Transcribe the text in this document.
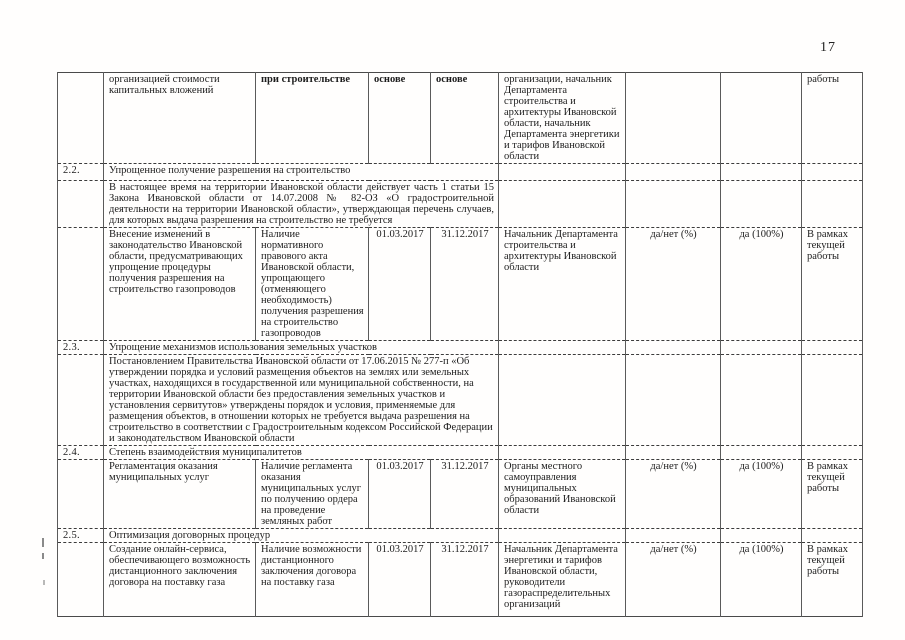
17
	организацией стоимости капитальных вложений	при строительстве	основе	основе	организации, начальник Департамента строительства и архитектуры Ивановской области, начальник Департамента энергетики и тарифов Ивановской области			работы
2.2.	Упрощенное получение разрешения на строительство							
	В настоящее время на территории Ивановской области действует часть 1 статьи 15 Закона Ивановской области от 14.07.2008 № 82-ОЗ «О градостроительной деятельности на территории Ивановской области», утверждающая перечень случаев, для которых выдача разрешения на строительство не требуется							
	Внесение изменений в законодательство Ивановской области, предусматривающих упрощение процедуры получения разрешения на строительство газопроводов	Наличие нормативного правового акта Ивановской области, упрощающего (отменяющего необходимость) получения разрешения на строительство газопроводов	01.03.2017	31.12.2017	Начальник Департамента строительства и архитектуры Ивановской области	да/нет (%)	да (100%)	В рамках текущей работы
2.3.	Упрощение механизмов использования земельных участков							
	Постановлением Правительства Ивановской области от 17.06.2015 № 277-п «Об утверждении порядка и условий размещения объектов на землях или земельных участках, находящихся в государственной или муниципальной собственности, на территории Ивановской области без предоставления земельных участков и установления сервитутов» утверждены порядок и условия, применяемые для размещения объектов, в отношении которых не требуется выдача разрешения на строительство в соответствии с Градостроительным кодексом Российской Федерации и законодательством Ивановской области							
2.4.	Степень взаимодействия муниципалитетов							
	Регламентация оказания муниципальных услуг	Наличие регламента оказания муниципальных услуг по получению ордера на проведение земляных работ	01.03.2017	31.12.2017	Органы местного самоуправления муниципальных образований Ивановской области	да/нет (%)	да (100%)	В рамках текущей работы
2.5.	Оптимизация договорных процедур							
	Создание онлайн-сервиса, обеспечивающего возможность дистанционного заключения договора на поставку газа	Наличие возможности дистанционного заключения договора на поставку газа	01.03.2017	31.12.2017	Начальник Департамента энергетики и тарифов Ивановской области, руководители газораспределительных организаций	да/нет (%)	да (100%)	В рамках текущей работы
